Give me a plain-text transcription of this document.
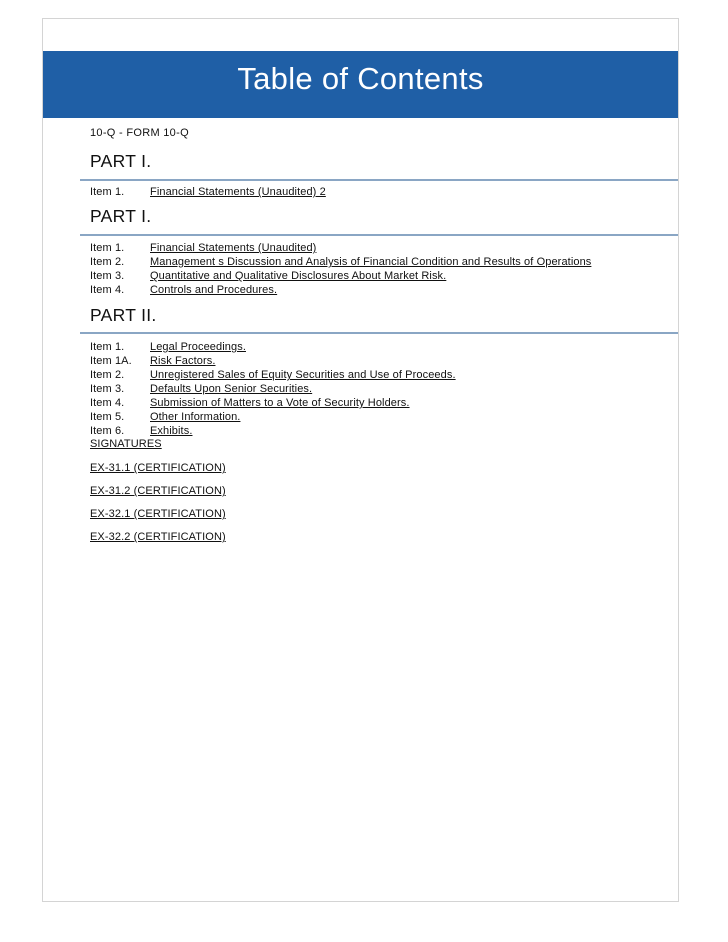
Table of Contents
10-Q - FORM 10-Q
PART I.
Item 1. Financial Statements (Unaudited) 2
PART I.
Item 1. Financial Statements (Unaudited)
Item 2. Management s Discussion and Analysis of Financial Condition and Results of Operations
Item 3. Quantitative and Qualitative Disclosures About Market Risk.
Item 4. Controls and Procedures.
PART II.
Item 1. Legal Proceedings.
Item 1A. Risk Factors.
Item 2. Unregistered Sales of Equity Securities and Use of Proceeds.
Item 3. Defaults Upon Senior Securities.
Item 4. Submission of Matters to a Vote of Security Holders.
Item 5. Other Information.
Item 6. Exhibits.
SIGNATURES
EX-31.1 (CERTIFICATION)
EX-31.2 (CERTIFICATION)
EX-32.1 (CERTIFICATION)
EX-32.2 (CERTIFICATION)
